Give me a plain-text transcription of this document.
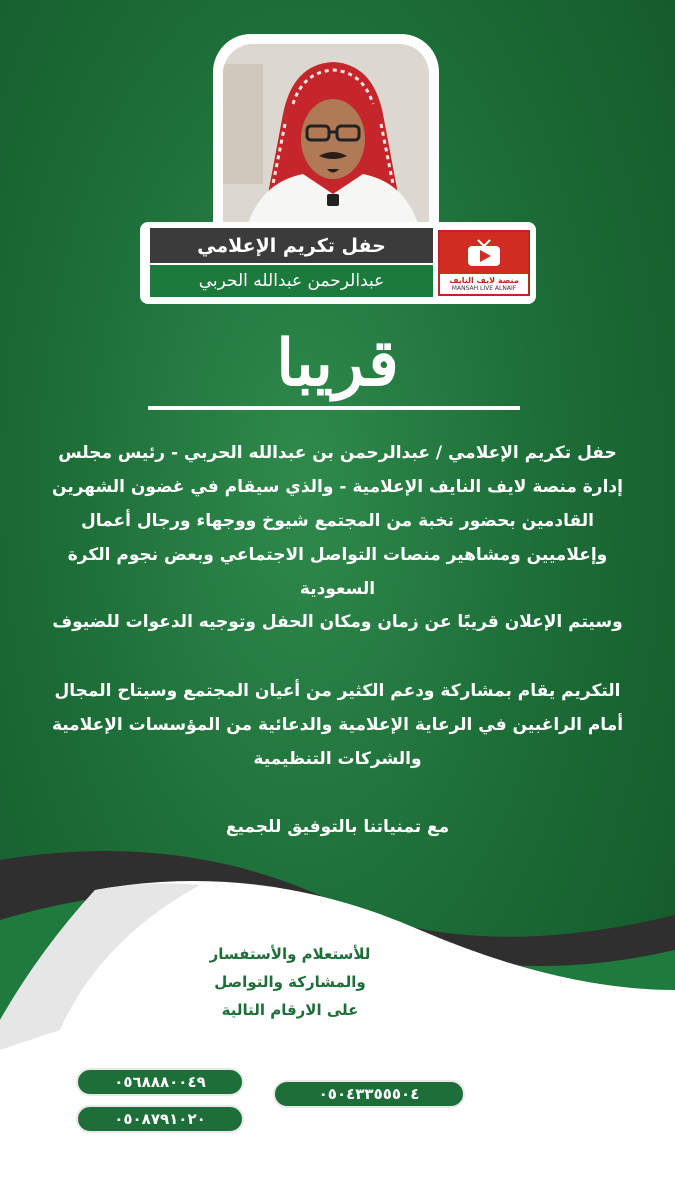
حفل تكريم الإعلامي
عبدالرحمن عبدالله الحربي	منصة لايف النايف
MANSAH LIVE ALNAIF
قريبا
حفل تكريم الإعلامي / عبدالرحمن بن عبدالله الحربي - رئيس مجلس إدارة منصة لايف النايف الإعلامية - والذي سيقام في غضون الشهرين القادمين بحضور نخبة من المجتمع شيوخ ووجهاء ورجال أعمال وإعلاميين ومشاهير منصات التواصل الاجتماعي وبعض نجوم الكرة السعودية
وسيتم الإعلان قريبًا عن زمان ومكان الحفل وتوجيه الدعوات للضيوف
التكريم يقام بمشاركة ودعم الكثير من أعيان المجتمع وسيتاح المجال أمام الراغبين في الرعاية الإعلامية والدعائية من المؤسسات الإعلامية والشركات التنظيمية
مع تمنياتنا بالتوفيق للجميع
للأستعلام والأستفسار
والمشاركة والتواصل
على الارقام التالية
٠٥٦٨٨٨٠٠٤٩
٠٥٠٨٧٩١٠٢٠
٠٥٠٤٣٣٥٥٥٠٤
